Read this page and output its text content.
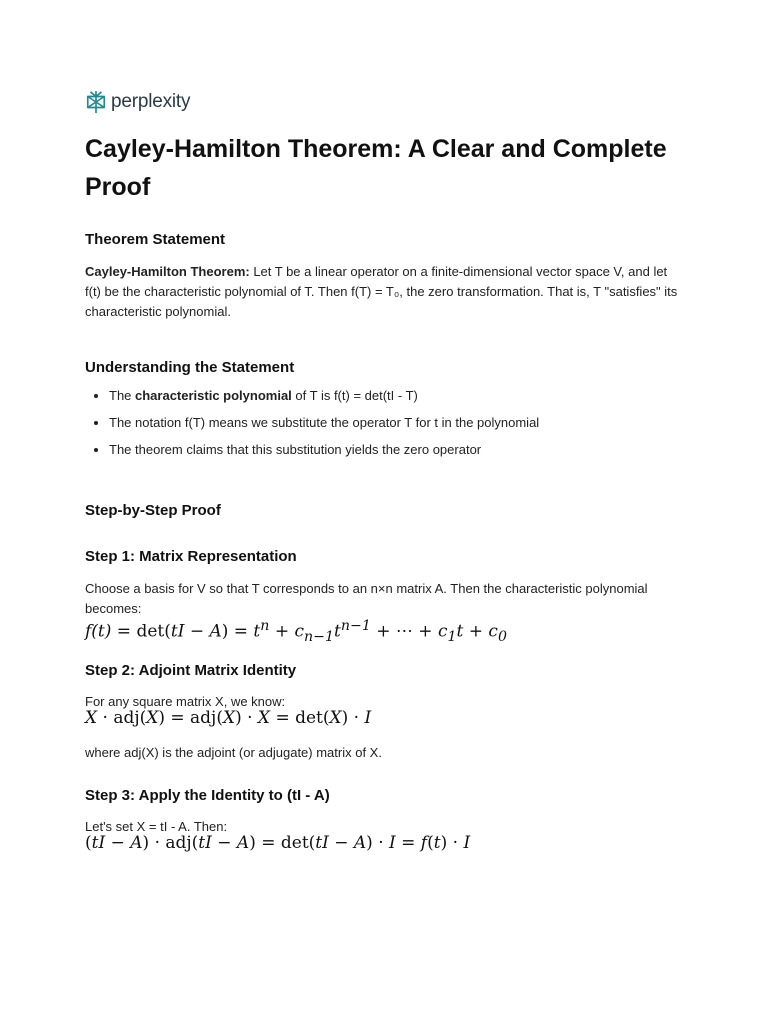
perplexity
Cayley-Hamilton Theorem: A Clear and Complete Proof
Theorem Statement

Cayley-Hamilton Theorem: Let T be a linear operator on a finite-dimensional vector space V, and let f(t) be the characteristic polynomial of T. Then f(T) = T₀, the zero transformation. That is, T "satisfies" its characteristic polynomial.

Understanding the Statement
• The characteristic polynomial of T is f(t) = det(tI - T)
• The notation f(T) means we substitute the operator T for t in the polynomial
• The theorem claims that this substitution yields the zero operator
Step-by-Step Proof
Step 1: Matrix Representation

Choose a basis for V so that T corresponds to an n×n matrix A. Then the characteristic polynomial becomes:

$f(t) = \det(tI - A) = t^n + c_{n-1}t^{n-1}$ + ⋯ + $c_1t + c_0$
Step 2: Adjoint Matrix Identity

For any square matrix X, we know:

X · adj(X) = adj(X) · X = det(X) · I

where adj(X) is the adjoint (or adjugate) matrix of X.

Step 3: Apply the Identity to (tI - A)

Let's set X = tI - A. Then:

(tI − A) · adj(tI − A) = det(tI − A) · I = f(t) · I
